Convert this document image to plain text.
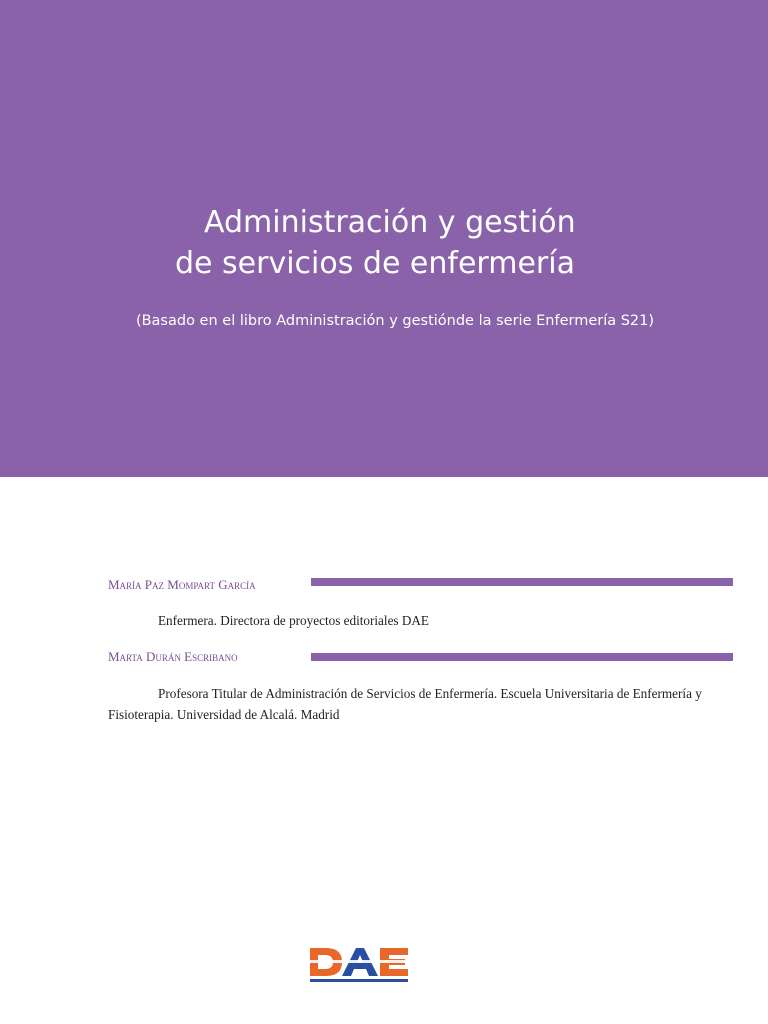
Administración y gestión
de servicios de enfermería

(Basado en el libro Administración y gestiónde la serie Enfermería S21)

María Paz Mompart García

Enfermera. Directora de proyectos editoriales DAE

Marta Durán Escribano

Profesora Titular de Administración de Servicios de Enfermería. Escuela Universitaria de Enfermería y Fisioterapia. Universidad de Alcalá. Madrid
